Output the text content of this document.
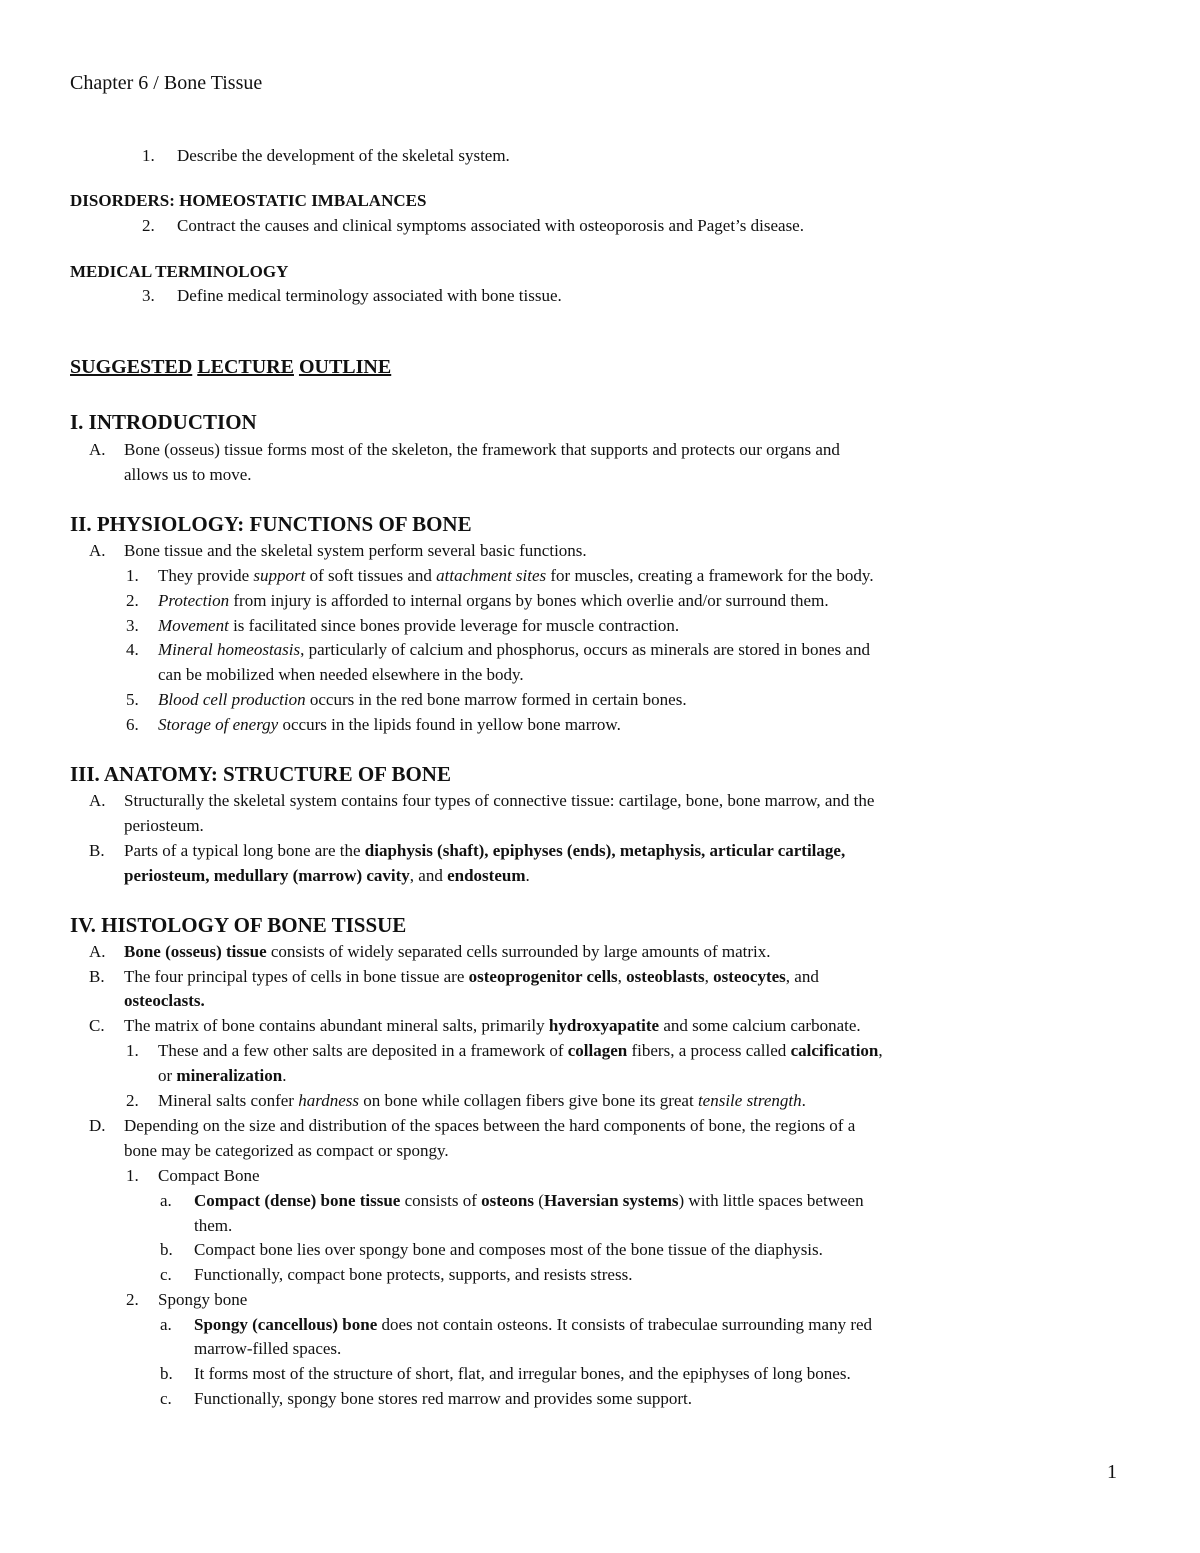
Chapter 6 / Bone Tissue
1. Describe the development of the skeletal system.
DISORDERS: HOMEOSTATIC IMBALANCES
2. Contract the causes and clinical symptoms associated with osteoporosis and Paget’s disease.
MEDICAL TERMINOLOGY
3. Define medical terminology associated with bone tissue.
SUGGESTED LECTURE OUTLINE
I. INTRODUCTION
A. Bone (osseus) tissue forms most of the skeleton, the framework that supports and protects our organs and
allows us to move.
II. PHYSIOLOGY: FUNCTIONS OF BONE
A. Bone tissue and the skeletal system perform several basic functions.
1. They provide support of soft tissues and attachment sites for muscles, creating a framework for the body.
2. Protection from injury is afforded to internal organs by bones which overlie and/or surround them.
3. Movement is facilitated since bones provide leverage for muscle contraction.
4. Mineral homeostasis, particularly of calcium and phosphorus, occurs as minerals are stored in bones and
can be mobilized when needed elsewhere in the body.
5. Blood cell production occurs in the red bone marrow formed in certain bones.
6. Storage of energy occurs in the lipids found in yellow bone marrow.
III. ANATOMY: STRUCTURE OF BONE
A. Structurally the skeletal system contains four types of connective tissue: cartilage, bone, bone marrow, and the
periosteum.
B. Parts of a typical long bone are the diaphysis (shaft), epiphyses (ends), metaphysis, articular cartilage,
periosteum, medullary (marrow) cavity, and endosteum.
IV. HISTOLOGY OF BONE TISSUE
A. Bone (osseus) tissue consists of widely separated cells surrounded by large amounts of matrix.
B. The four principal types of cells in bone tissue are osteoprogenitor cells, osteoblasts, osteocytes, and
osteoclasts.
C. The matrix of bone contains abundant mineral salts, primarily hydroxyapatite and some calcium carbonate.
1. These and a few other salts are deposited in a framework of collagen fibers, a process called calcification,
or mineralization.
2. Mineral salts confer hardness on bone while collagen fibers give bone its great tensile strength.
D. Depending on the size and distribution of the spaces between the hard components of bone, the regions of a
bone may be categorized as compact or spongy.
1. Compact Bone
a. Compact (dense) bone tissue consists of osteons (Haversian systems) with little spaces between
them.
b. Compact bone lies over spongy bone and composes most of the bone tissue of the diaphysis.
c. Functionally, compact bone protects, supports, and resists stress.
2. Spongy bone
a. Spongy (cancellous) bone does not contain osteons. It consists of trabeculae surrounding many red
marrow-filled spaces.
b. It forms most of the structure of short, flat, and irregular bones, and the epiphyses of long bones.
c. Functionally, spongy bone stores red marrow and provides some support.
1
